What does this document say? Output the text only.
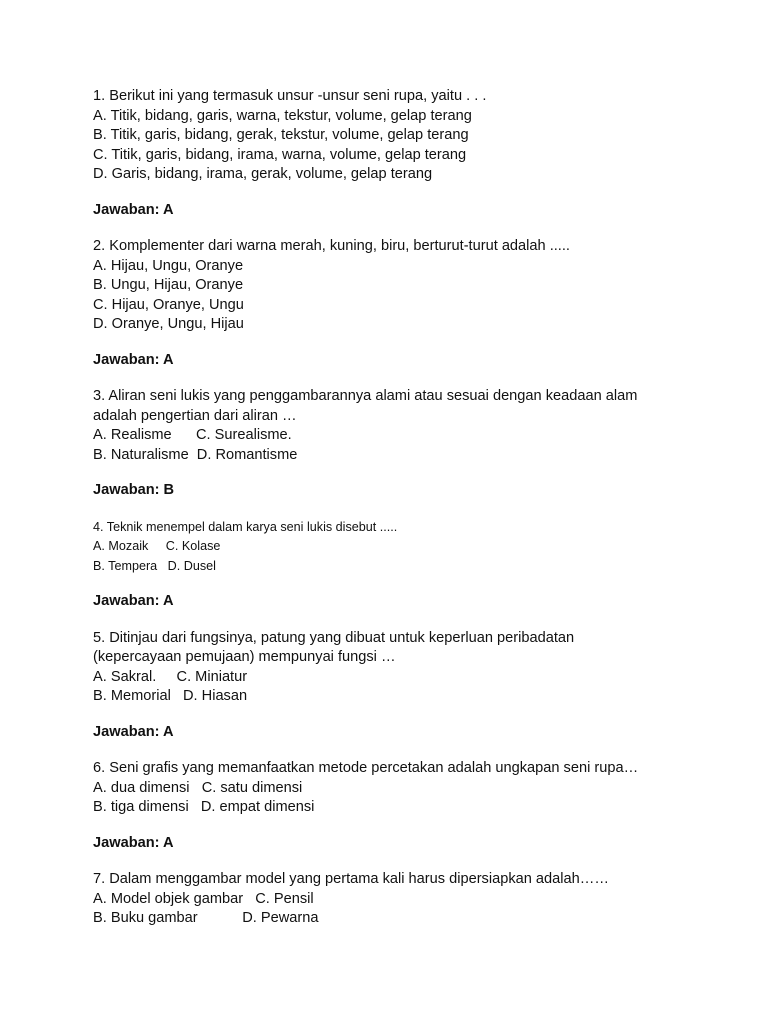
1. Berikut ini yang termasuk unsur -unsur seni rupa, yaitu . . .
A. Titik, bidang, garis, warna, tekstur, volume, gelap terang
B. Titik, garis, bidang, gerak, tekstur, volume, gelap terang
C. Titik, garis, bidang, irama, warna, volume, gelap terang
D. Garis, bidang, irama, gerak, volume, gelap terang
Jawaban: A
2. Komplementer dari warna merah, kuning, biru, berturut-turut adalah .....
A. Hijau, Ungu, Oranye
B. Ungu, Hijau, Oranye
C. Hijau, Oranye, Ungu
D. Oranye, Ungu, Hijau
Jawaban: A
3. Aliran seni lukis yang penggambarannya alami atau sesuai dengan keadaan alam
adalah pengertian dari aliran …
A. Realisme      C. Surealisme.
B. Naturalisme  D. Romantisme
Jawaban: B
4. Teknik menempel dalam karya seni lukis disebut .....
A. Mozaik     C. Kolase
B. Tempera   D. Dusel
Jawaban: A
5. Ditinjau dari fungsinya, patung yang dibuat untuk keperluan peribadatan
(kepercayaan pemujaan) mempunyai fungsi …
A. Sakral.     C. Miniatur
B. Memorial   D. Hiasan
Jawaban: A
6. Seni grafis yang memanfaatkan metode percetakan adalah ungkapan seni rupa…
A. dua dimensi   C. satu dimensi
B. tiga dimensi   D. empat dimensi
Jawaban: A
7. Dalam menggambar model yang pertama kali harus dipersiapkan adalah……
A. Model objek gambar   C. Pensil
B. Buku gambar           D. Pewarna
